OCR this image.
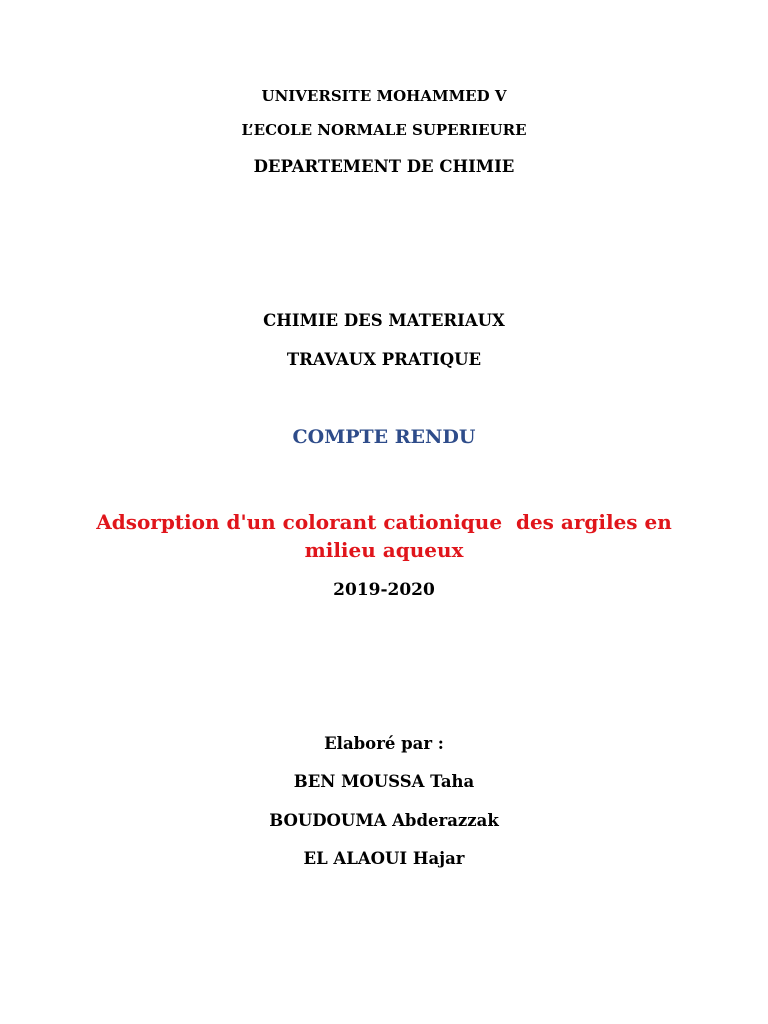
UNIVERSITE MOHAMMED V
L’ECOLE NORMALE SUPERIEURE
DEPARTEMENT DE CHIMIE
CHIMIE DES MATERIAUX
TRAVAUX PRATIQUE
COMPTE RENDU
Adsorption d'un colorant cationique  des argiles en
milieu aqueux
2019-2020
Elaboré par :
BEN MOUSSA Taha
BOUDOUMA Abderazzak
EL ALAOUI Hajar
